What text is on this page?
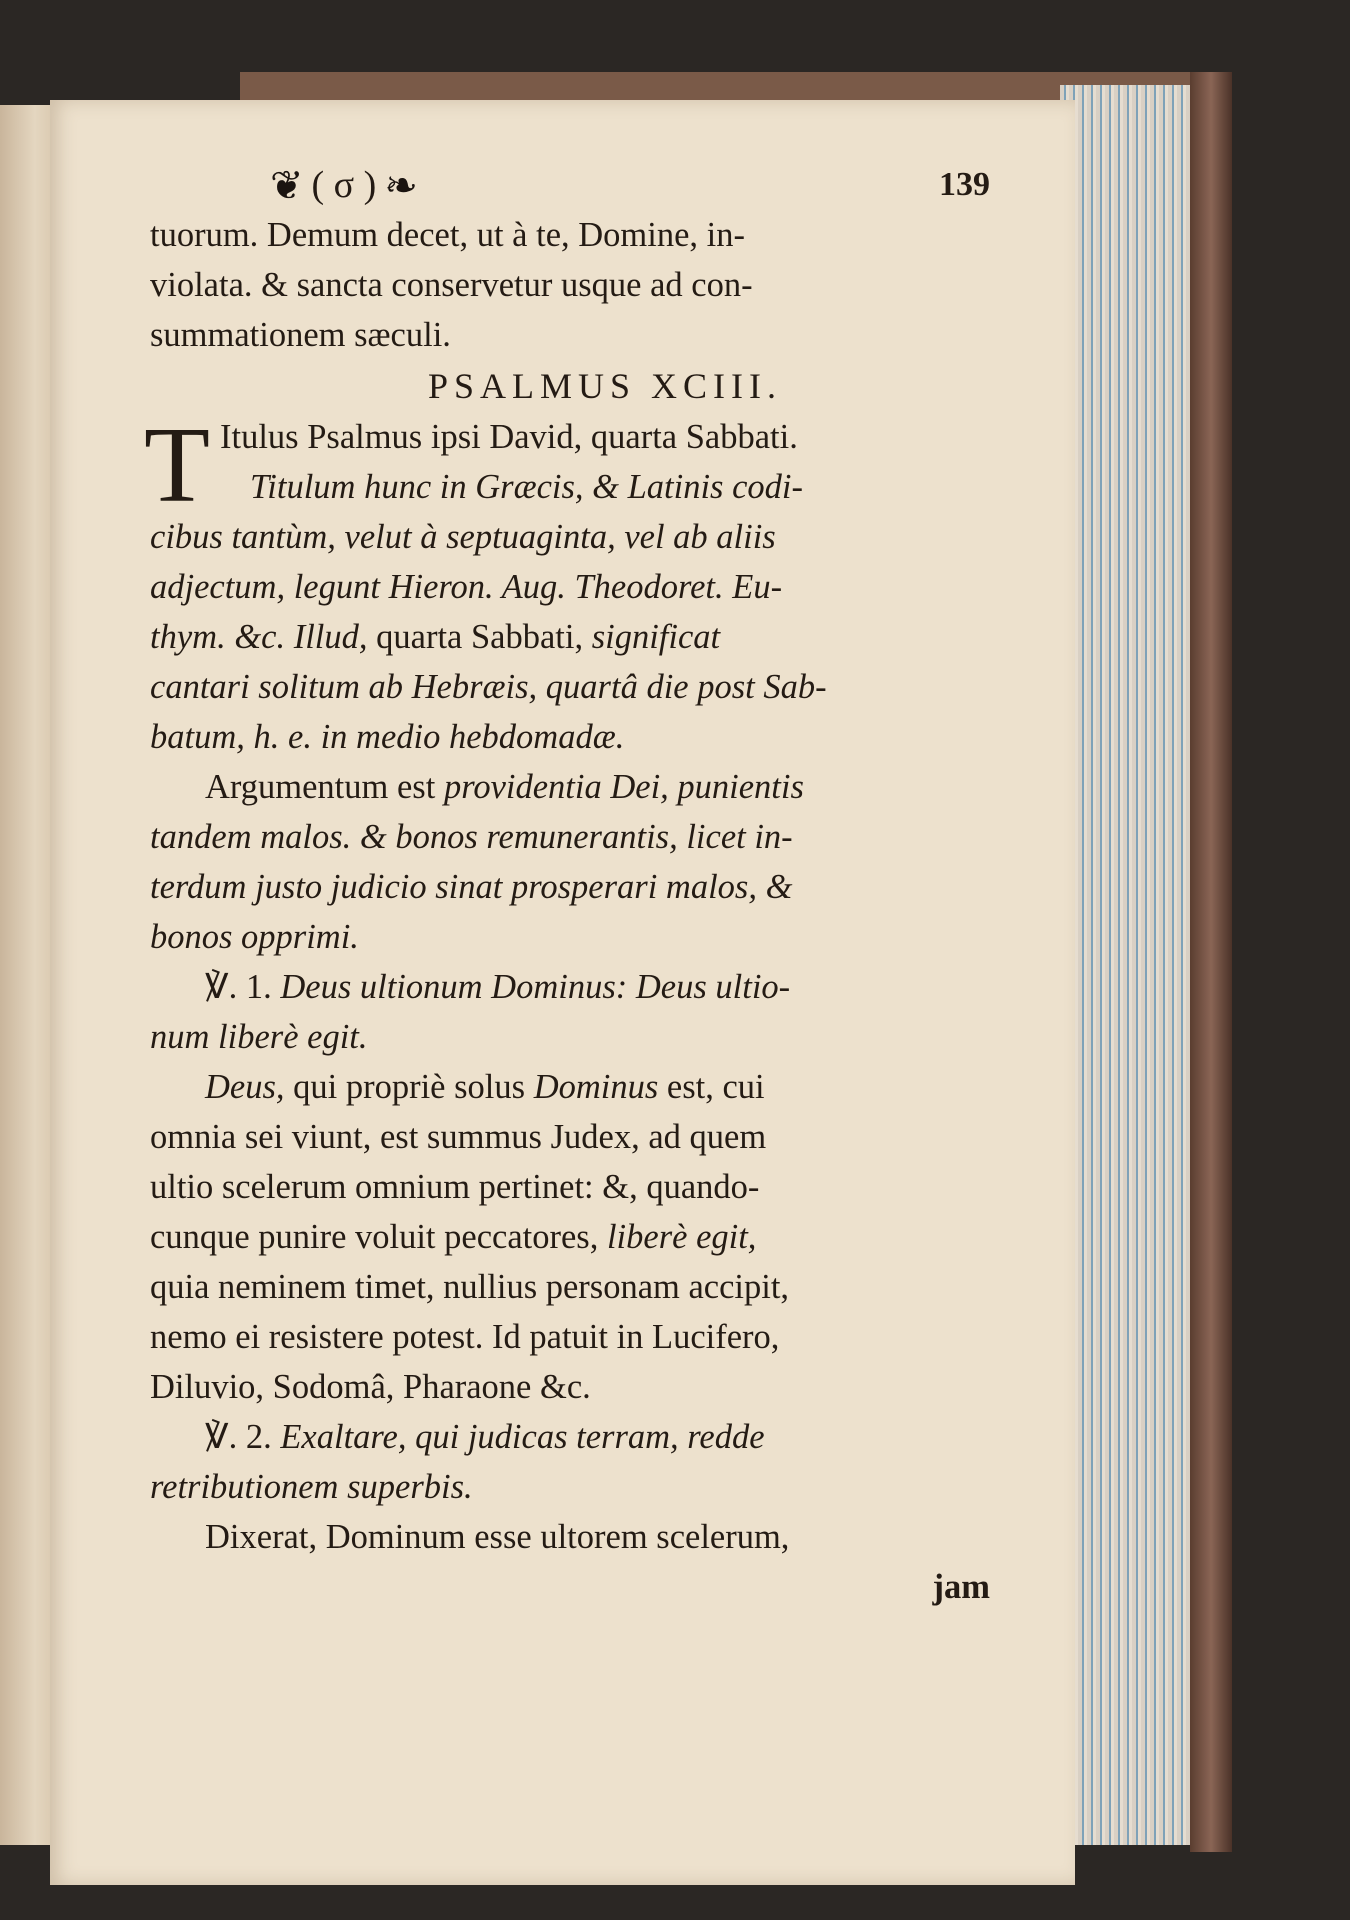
❦ ( σ ) ❧	139
tuorum. Demum decet, ut à te, Domine, in-
violata. & sancta conservetur usque ad con-
summationem sæculi.
PSALMUS XCIII.
T Itulus Psalmus ipsi David, quarta Sabbati.
Titulum hunc in Græcis, & Latinis codi-
cibus tantùm, velut à septuaginta, vel ab aliis
adjectum, legunt Hieron. Aug. Theodoret. Eu-
thym. &c. Illud, quarta Sabbati, significat
cantari solitum ab Hebræis, quartâ die post Sab-
batum, h. e. in medio hebdomadæ.
Argumentum est providentia Dei, punientis
tandem malos. & bonos remunerantis, licet in-
terdum justo judicio sinat prosperari malos, &
bonos opprimi.
℣. 1. Deus ultionum Dominus: Deus ultio-
num liberè egit.
Deus, qui propriè solus Dominus est, cui
omnia sei viunt, est summus Judex, ad quem
ultio scelerum omnium pertinet: &, quando-
cunque punire voluit peccatores, liberè egit,
quia neminem timet, nullius personam accipit,
nemo ei resistere potest. Id patuit in Lucifero,
Diluvio, Sodomâ, Pharaone &c.
℣. 2. Exaltare, qui judicas terram, redde
retributionem superbis.
Dixerat, Dominum esse ultorem scelerum,
jam
